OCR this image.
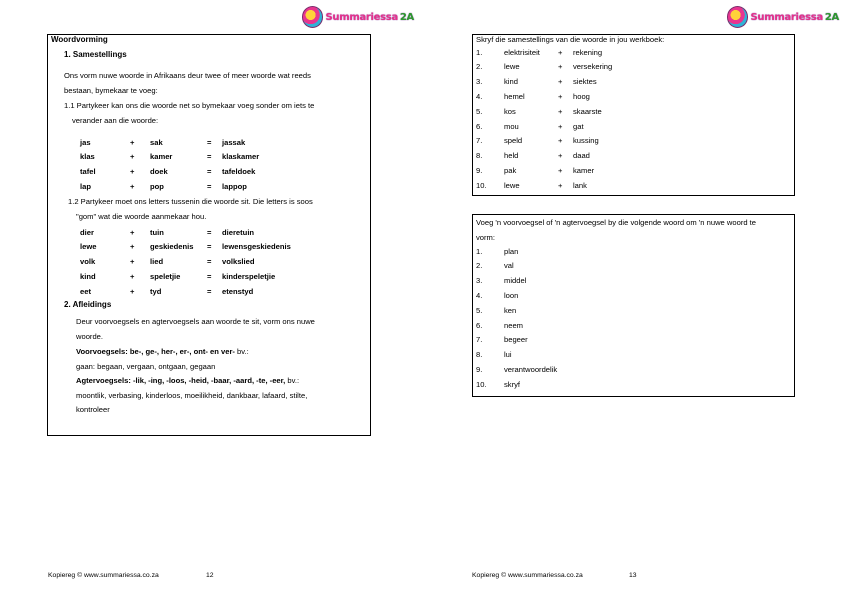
Summariessa 2A
Woordvorming
1. Samestellings
Ons vorm nuwe woorde in Afrikaans deur twee of meer woorde wat reeds
bestaan, bymekaar te voeg:
1.1 Partykeer kan ons die woorde net so bymekaar voeg sonder om iets te
verander aan die woorde:
jas	+	sak	=	jassak
klas	+	kamer	=	klaskamer
tafel	+	doek	=	tafeldoek
lap	+	pop	=	lappop
1.2 Partykeer moet ons letters tussenin die woorde sit. Die letters is soos
"gom" wat die woorde aanmekaar hou.
dier	+	tuin	=	dieretuin
lewe	+	geskiedenis	=	lewensgeskiedenis
volk	+	lied	=	volkslied
kind	+	speletjie	=	kinderspeletjie
eet	+	tyd	=	etenstyd
2. Afleidings
Deur voorvoegsels en agtervoegsels aan woorde te sit, vorm ons nuwe
woorde.
Voorvoegsels: be-, ge-, her-, er-, ont- en ver- bv.:
gaan: begaan, vergaan, ontgaan, gegaan
Agtervoegsels: -lik, -ing, -loos, -heid, -baar, -aard, -te, -eer, bv.:
moontlik, verbasing, kinderloos, moeilikheid, dankbaar, lafaard, stilte,
kontroleer
Kopiereg © www.summariessa.co.za	12
Summariessa 2A
Skryf die samestellings van die woorde in jou werkboek:
1.	elektrisiteit	+	rekening
2.	lewe	+	versekering
3.	kind	+	siektes
4.	hemel	+	hoog
5.	kos	+	skaarste
6.	mou	+	gat
7.	speld	+	kussing
8.	held	+	daad
9.	pak	+	kamer
10.	lewe	+	lank
Voeg 'n voorvoegsel of 'n agtervoegsel by die volgende woord om 'n nuwe woord te
vorm:
1.	plan
2.	val
3.	middel
4.	loon
5.	ken
6.	neem
7.	begeer
8.	lui
9.	verantwoordelik
10.	skryf
Kopiereg © www.summariessa.co.za	13
